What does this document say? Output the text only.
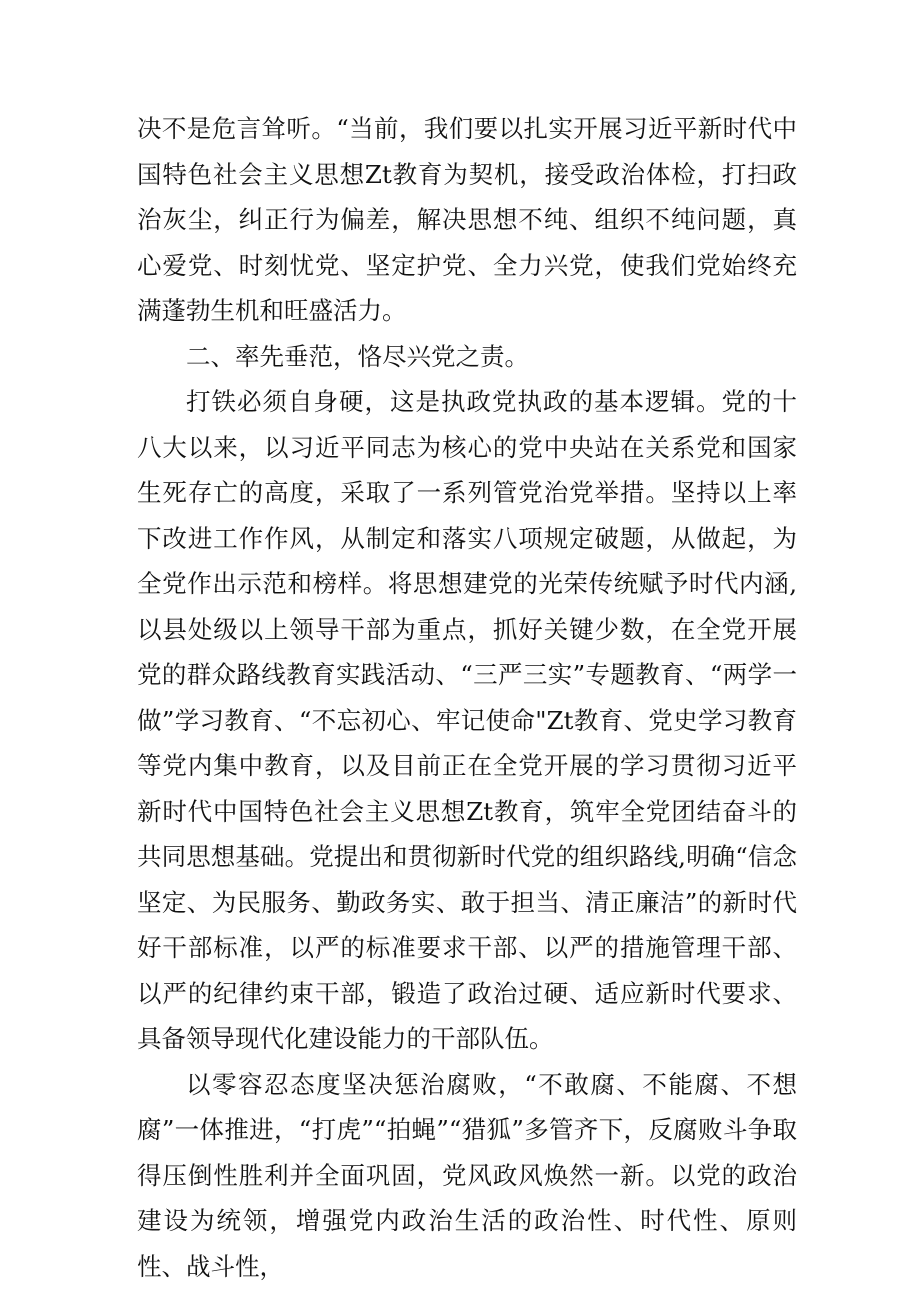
决不是危言耸听。“当前，我们要以扎实开展习近平新时代中国特色社会主义思想Zt教育为契机，接受政治体检，打扫政治灰尘，纠正行为偏差，解决思想不纯、组织不纯问题，真心爱党、时刻忧党、坚定护党、全力兴党，使我们党始终充满蓬勃生机和旺盛活力。

二、率先垂范，恪尽兴党之责。

打铁必须自身硬，这是执政党执政的基本逻辑。党的十八大以来，以习近平同志为核心的党中央站在关系党和国家生死存亡的高度，采取了一系列管党治党举措。坚持以上率下改进工作作风，从制定和落实八项规定破题，从做起，为全党作出示范和榜样。将思想建党的光荣传统赋予时代内涵,以县处级以上领导干部为重点，抓好关键少数，在全党开展党的群众路线教育实践活动、“三严三实”专题教育、“两学一做”学习教育、“不忘初心、牢记使命"Zt教育、党史学习教育等党内集中教育，以及目前正在全党开展的学习贯彻习近平新时代中国特色社会主义思想Zt教育，筑牢全党团结奋斗的共同思想基础。党提出和贯彻新时代党的组织路线,明确“信念坚定、为民服务、勤政务实、敢于担当、清正廉洁”的新时代好干部标准，以严的标准要求干部、以严的措施管理干部、以严的纪律约束干部，锻造了政治过硬、适应新时代要求、具备领导现代化建设能力的干部队伍。

以零容忍态度坚决惩治腐败，“不敢腐、不能腐、不想腐”一体推进，“打虎”“拍蝇”“猎狐”多管齐下，反腐败斗争取得压倒性胜利并全面巩固，党风政风焕然一新。以党的政治建设为统领，增强党内政治生活的政治性、时代性、原则性、战斗性，
